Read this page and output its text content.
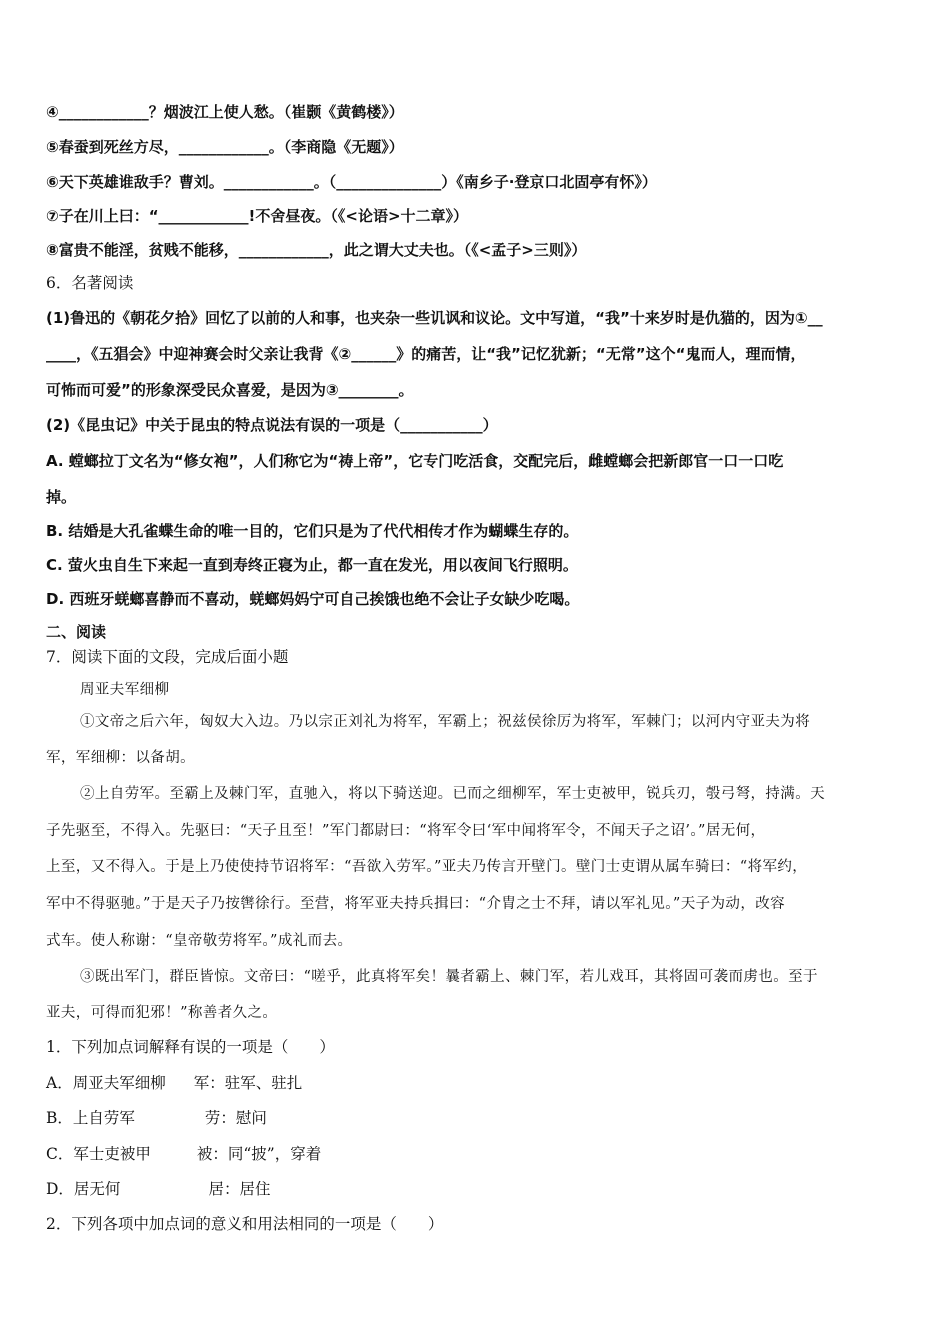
④____________？烟波江上使人愁。（崔颢《黄鹤楼》）
⑤春蚕到死丝方尽，____________。（李商隐《无题》）
⑥天下英雄谁敌手？曹刘。____________。（______________）《南乡子·登京口北固亭有怀》）
⑦子在川上曰：“____________!不舍昼夜。（《<论语>十二章》）
⑧富贵不能淫，贫贱不能移，____________，此之谓大丈夫也。（《<孟子>三则》）
6．名著阅读
(1)鲁迅的《朝花夕拾》回忆了以前的人和事，也夹杂一些讥讽和议论。文中写道，“我”十来岁时是仇猫的，因为①__
____，《五猖会》中迎神赛会时父亲让我背《②______》的痛苦，让“我”记忆犹新；“无常”这个“鬼而人，理而情，
可怖而可爱”的形象深受民众喜爱，是因为③________。
(2)《昆虫记》中关于昆虫的特点说法有误的一项是（___________）
A. 螳螂拉丁文名为“修女袍”，人们称它为“祷上帝”，它专门吃活食，交配完后，雌螳螂会把新郎官一口一口吃
掉。
B. 结婚是大孔雀蝶生命的唯一目的，它们只是为了代代相传才作为蝴蝶生存的。
C. 萤火虫自生下来起一直到寿终正寝为止，都一直在发光，用以夜间飞行照明。
D. 西班牙蜣螂喜静而不喜动，蜣螂妈妈宁可自己挨饿也绝不会让子女缺少吃喝。
二、阅读
7．阅读下面的文段，完成后面小题
周亚夫军细柳
①文帝之后六年，匈奴大入边。乃以宗正刘礼为将军，军霸上；祝兹侯徐厉为将军，军棘门；以河内守亚夫为将
军，军细柳：以备胡。
②上自劳军。至霸上及棘门军，直驰入，将以下骑送迎。已而之细柳军，军士吏被甲，锐兵刃，彀弓弩，持满。天
子先驱至，不得入。先驱曰：“天子且至！”军门都尉曰：“将军令曰‘军中闻将军令，不闻天子之诏’。”居无何，
上至，又不得入。于是上乃使使持节诏将军：“吾欲入劳军。”亚夫乃传言开壁门。壁门士吏谓从属车骑曰：“将军约，
军中不得驱驰。”于是天子乃按辔徐行。至营，将军亚夫持兵揖曰：“介胄之士不拜，请以军礼见。”天子为动，改容
式车。使人称谢：“皇帝敬劳将军。”成礼而去。
③既出军门，群臣皆惊。文帝曰：“嗟乎，此真将军矣！曩者霸上、棘门军，若儿戏耳，其将固可袭而虏也。至于
亚夫，可得而犯邪！”称善者久之。
1．下列加点词解释有误的一项是（　　）
A．周亚夫军细柳 军：驻军、驻扎
B．上自劳军	劳：慰问
C．军士吏被甲	被：同“披”，穿着
D．居无何	居：居住
2．下列各项中加点词的意义和用法相同的一项是（　　）
